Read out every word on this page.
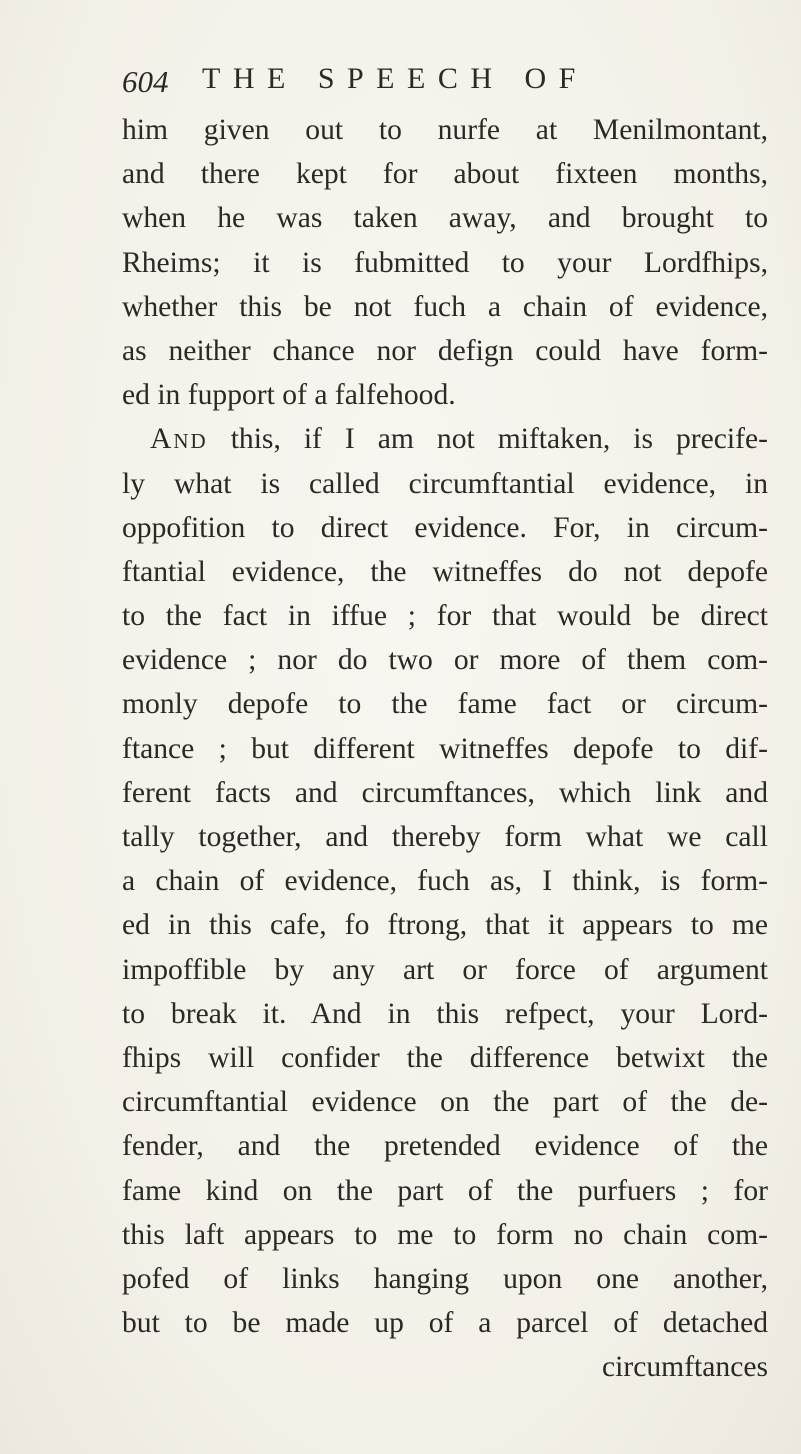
604 THE SPEECH OF
him given out to nurfe at Menilmontant,
and there kept for about fixteen months,
when he was taken away, and brought to
Rheims; it is fubmitted to your Lordfhips,
whether this be not fuch a chain of evidence,
as neither chance nor defign could have form-
ed in fupport of a falfehood.
And this, if I am not miftaken, is precife-
ly what is called circumftantial evidence, in
oppofition to direct evidence. For, in circum-
ftantial evidence, the witneffes do not depofe
to the fact in iffue ; for that would be direct
evidence ; nor do two or more of them com-
monly depofe to the fame fact or circum-
ftance ; but different witneffes depofe to dif-
ferent facts and circumftances, which link and
tally together, and thereby form what we call
a chain of evidence, fuch as, I think, is form-
ed in this cafe, fo ftrong, that it appears to me
impoffible by any art or force of argument
to break it. And in this refpect, your Lord-
fhips will confider the difference betwixt the
circumftantial evidence on the part of the de-
fender, and the pretended evidence of the
fame kind on the part of the purfuers ; for
this laft appears to me to form no chain com-
pofed of links hanging upon one another,
but to be made up of a parcel of detached
circumftances
